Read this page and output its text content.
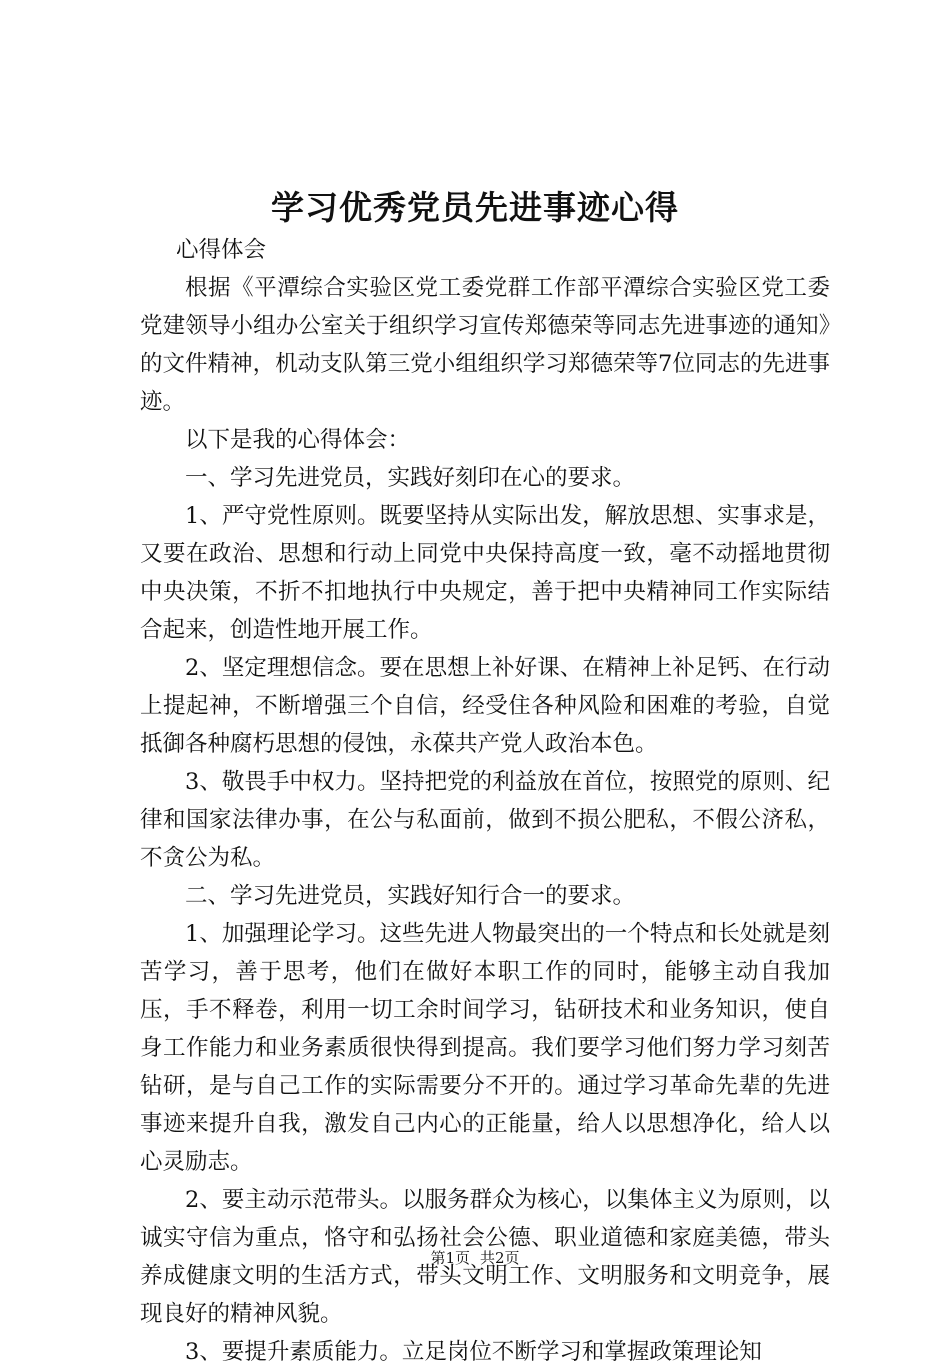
学习优秀党员先进事迹心得

心得体会

根据《平潭综合实验区党工委党群工作部平潭综合实验区党工委党建领导小组办公室关于组织学习宣传郑德荣等同志先进事迹的通知》的文件精神，机动支队第三党小组组织学习郑德荣等7位同志的先进事迹。

以下是我的心得体会：

一、学习先进党员，实践好刻印在心的要求。

1、严守党性原则。既要坚持从实际出发，解放思想、实事求是，又要在政治、思想和行动上同党中央保持高度一致，毫不动摇地贯彻中央决策，不折不扣地执行中央规定，善于把中央精神同工作实际结合起来，创造性地开展工作。

2、坚定理想信念。要在思想上补好课、在精神上补足钙、在行动上提起神，不断增强三个自信，经受住各种风险和困难的考验，自觉抵御各种腐朽思想的侵蚀，永葆共产党人政治本色。

3、敬畏手中权力。坚持把党的利益放在首位，按照党的原则、纪律和国家法律办事，在公与私面前，做到不损公肥私，不假公济私，不贪公为私。

二、学习先进党员，实践好知行合一的要求。

1、加强理论学习。这些先进人物最突出的一个特点和长处就是刻苦学习，善于思考，他们在做好本职工作的同时，能够主动自我加压，手不释卷，利用一切工余时间学习，钻研技术和业务知识，使自身工作能力和业务素质很快得到提高。我们要学习他们努力学习刻苦钻研，是与自己工作的实际需要分不开的。通过学习革命先辈的先进事迹来提升自我，激发自己内心的正能量，给人以思想净化，给人以心灵励志。

2、要主动示范带头。以服务群众为核心，以集体主义为原则，以诚实守信为重点，恪守和弘扬社会公德、职业道德和家庭美德，带头养成健康文明的生活方式，带头文明工作、文明服务和文明竞争，展现良好的精神风貌。

3、要提升素质能力。立足岗位不断学习和掌握政策理论知

第1页 共2页
